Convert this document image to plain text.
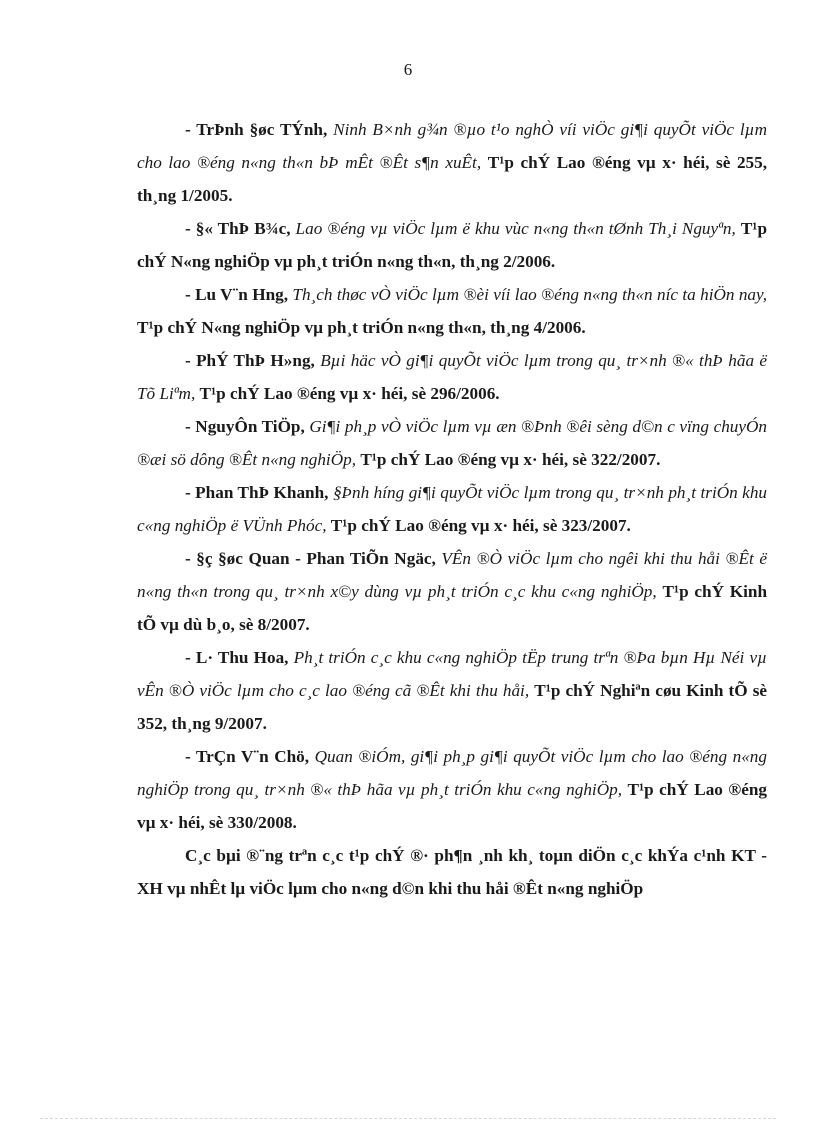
6

- TrÞnh §øc TÝnh, Ninh B×nh g¾n ®µo t¹o nghÒ víi viÖc gi¶i quyÕt viÖc lµm cho lao ®éng n«ng th«n bÞ mÊt ®Êt s¶n xuÊt, T¹p chÝ Lao ®éng vµ x· héi, sè 255, th¸ng 1/2005.

- §« ThÞ B¾c, Lao ®éng vµ viÖc lµm ë khu vùc n«ng th«n tØnh Th¸i Nguyªn, T¹p chÝ N«ng nghiÖp vµ ph¸t triÓn n«ng th«n, th¸ng 2/2006.

- Lu V¨n Hng, Th¸ch thøc vÒ viÖc lµm ®èi víi lao ®éng n«ng th«n níc ta hiÖn nay, T¹p chÝ N«ng nghiÖp vµ ph¸t triÓn n«ng th«n, th¸ng 4/2006.

- PhÝ ThÞ H»ng, Bµi häc vÒ gi¶i quyÕt viÖc lµm trong qu¸ tr×nh ®« thÞ hãa ë Tõ Liªm, T¹p chÝ Lao ®éng vµ x· héi, sè 296/2006.

- NguyÔn TiÖp, Gi¶i ph¸p vÒ viÖc lµm vµ æn ®Þnh ®êi sèng d©n c vïng chuyÓn ®æi sö dông ®Êt n«ng nghiÖp, T¹p chÝ Lao ®éng vµ x· héi, sè 322/2007.

- Phan ThÞ Khanh, §Þnh híng gi¶i quyÕt viÖc lµm trong qu¸ tr×nh ph¸t triÓn khu c«ng nghiÖp ë VÜnh Phóc, T¹p chÝ Lao ®éng vµ x· héi, sè 323/2007.

- §ç §øc Quan - Phan TiÕn Ngäc, VÊn ®Ò viÖc lµm cho ngêi khi thu håi ®Êt ë n«ng th«n trong qu¸ tr×nh x©y dùng vµ ph¸t triÓn c¸c khu c«ng nghiÖp, T¹p chÝ Kinh tÕ vµ dù b¸o, sè 8/2007.

- L· Thu Hoa, Ph¸t triÓn c¸c khu c«ng nghiÖp tËp trung trªn ®Þa bµn Hµ Néi vµ vÊn ®Ò viÖc lµm cho c¸c lao ®éng cã ®Êt khi thu håi, T¹p chÝ Nghiªn cøu Kinh tÕ sè 352, th¸ng 9/2007.

- TrÇn V¨n Chö, Quan ®iÓm, gi¶i ph¸p gi¶i quyÕt viÖc lµm cho lao ®éng n«ng nghiÖp trong qu¸ tr×nh ®« thÞ hãa vµ ph¸t triÓn khu c«ng nghiÖp, T¹p chÝ Lao ®éng vµ x· héi, sè 330/2008.

C¸c bµi ®¨ng trªn c¸c t¹p chÝ ®· ph¶n ¸nh kh¸ toµn diÖn c¸c khÝa c¹nh KT - XH vµ nhÊt lµ viÖc lµm cho n«ng d©n khi thu håi ®Êt n«ng nghiÖp
